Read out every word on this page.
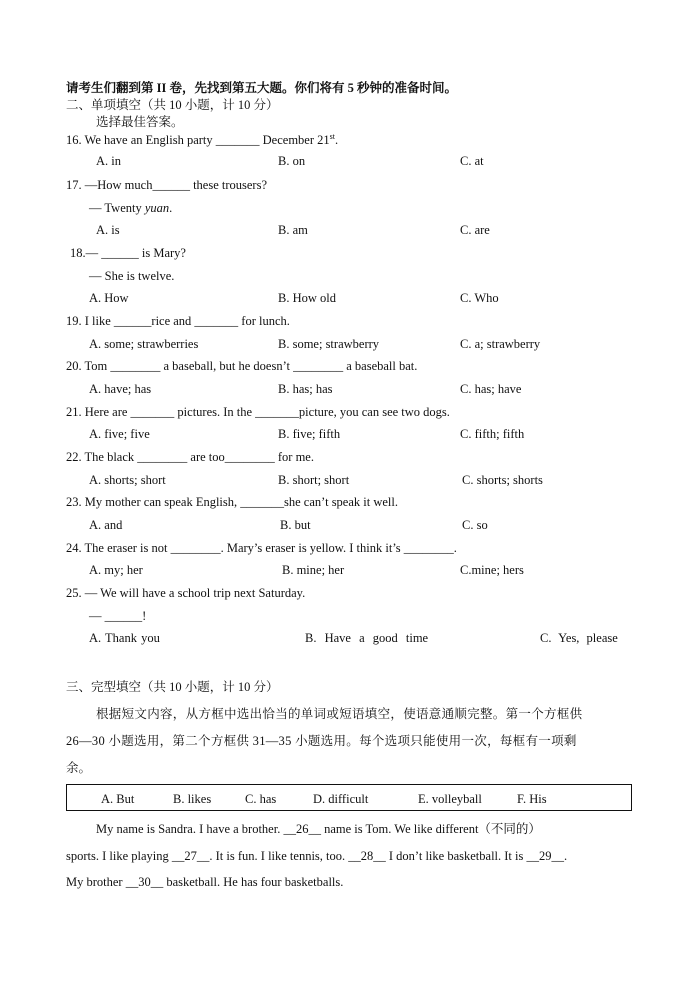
请考生们翻到第 II 卷，先找到第五大题。你们将有 5 秒钟的准备时间。
二、单项填空（共 10 小题，计 10 分）
选择最佳答案。
16. We have an English party _______ December 21st.
A. in	B. on	C. at
17. —How much______ these trousers?
— Twenty yuan.
A. is	B. am	C. are
18.— ______ is Mary?
— She is twelve.
A. How	B. How old	C. Who
19. I like ______rice and _______ for lunch.
A. some; strawberries	B. some; strawberry	C. a; strawberry
20. Tom ________ a baseball, but he doesn’t ________ a baseball bat.
A. have; has	B. has; has	C. has; have
21. Here are _______ pictures. In the _______picture, you can see two dogs.
A. five; five	B. five; fifth	C. fifth; fifth
22. The black ________ are too________ for me.
A. shorts; short	B. short; short	C. shorts; shorts
23. My mother can speak English, _______she can’t speak it well.
A. and	B. but	C. so
24. The eraser is not ________. Mary’s eraser is yellow. I think it’s ________.
A. my; her	B. mine; her	C.mine; hers
25. — We will have a school trip next Saturday.
— ______!
A. Thank you	B. Have a good time	C. Yes, please
三、完型填空（共 10 小题，计 10 分）
根据短文内容，从方框中选出恰当的单词或短语填空，使语意通顺完整。第一个方框供
26—30 小题选用，第二个方框供 31—35 小题选用。每个选项只能使用一次，每框有一项剩
余。
A. But	B. likes	C. has	D. difficult	E. volleyball	F. His
My name is Sandra. I have a brother. __26__ name is Tom. We like different（不同的）
sports. I like playing __27__. It is fun. I like tennis, too. __28__ I don’t like basketball. It is __29__.
My brother __30__ basketball. He has four basketballs.
